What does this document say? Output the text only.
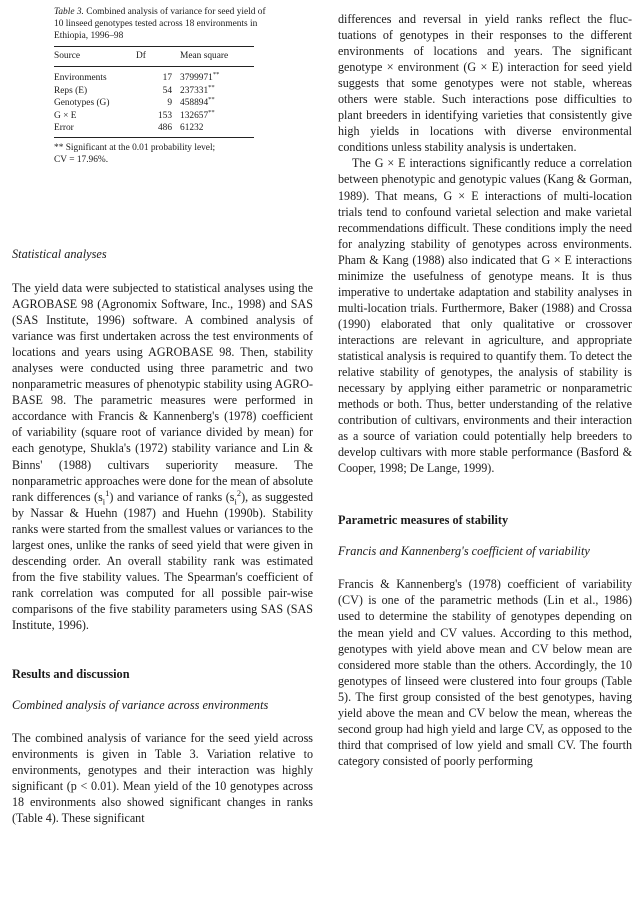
Table 3. Combined analysis of variance for seed yield of 10 linseed genotypes tested across 18 environments in Ethiopia, 1996–98

Source	Df	Mean square
Environments	17	3799971**
Reps (E)	54	237331**
Genotypes (G)	9	458894**
G × E	153	132657**
Error	486	61232

** Significant at the 0.01 probability level;
CV = 17.96%.

Statistical analyses

The yield data were subjected to statistical analyses using the AGROBASE 98 (Agronomix Software, Inc., 1998) and SAS (SAS Institute, 1996) software. A combined analysis of variance was first undertaken across the test environments of locations and years using AGROBASE 98. Then, stability analyses were conducted using three parametric and two nonparametric measures of phenotypic stability using AGROBASE 98. The parametric measures were performed in accordance with Francis & Kannenberg's (1978) coefficient of variability (square root of variance divided by mean) for each genotype, Shukla's (1972) stability variance and Lin & Binns' (1988) cultivars superiority measure. The nonparametric approaches were done for the mean of absolute rank differences $(s_i^1)$ and variance of ranks $(s_i^2)$, as suggested by Nassar & Huehn (1987) and Huehn (1990b). Stability ranks were started from the smallest values or variances to the largest ones, unlike the ranks of seed yield that were given in descending order. An overall stability rank was estimated from the five stability values. The Spearman's coefficient of rank correlation was computed for all possible pair-wise comparisons of the five stability parameters using SAS (SAS Institute, 1996).

Results and discussion

Combined analysis of variance across environments

The combined analysis of variance for the seed yield across environments is given in Table 3. Variation relative to environments, genotypes and their interaction was highly significant (p < 0.01). Mean yield of the 10 genotypes across 18 environments also showed significant changes in ranks (Table 4). These significant

differences and reversal in yield ranks reflect the fluctuations of genotypes in their responses to the different environments of locations and years. The significant genotype × environment (G × E) interaction for seed yield suggests that some genotypes were not stable, whereas others were stable. Such interactions pose difficulties to plant breeders in identifying varieties that consistently give high yields in locations with diverse environmental conditions unless stability analysis is undertaken.

The G × E interactions significantly reduce a correlation between phenotypic and genotypic values (Kang & Gorman, 1989). That means, G × E interactions of multi-location trials tend to confound varietal selection and make varietal recommendations difficult. These conditions imply the need for analyzing stability of genotypes across environments. Pham & Kang (1988) also indicated that G × E interactions minimize the usefulness of genotype means. It is thus imperative to undertake adaptation and stability analyses in multi-location trials. Furthermore, Baker (1988) and Crossa (1990) elaborated that only qualitative or crossover interactions are relevant in agriculture, and appropriate statistical analysis is required to quantify them. To detect the relative stability of genotypes, the analysis of stability is necessary by applying either parametric or nonparametric methods or both. Thus, better understanding of the relative contribution of cultivars, environments and their interaction as a source of variation could potentially help breeders to develop cultivars with more stable performance (Basford & Cooper, 1998; De Lange, 1999).

Parametric measures of stability

Francis and Kannenberg's coefficient of variability

Francis & Kannenberg's (1978) coefficient of variability (CV) is one of the parametric methods (Lin et al., 1986) used to determine the stability of genotypes depending on the mean yield and CV values. According to this method, genotypes with yield above mean and CV below mean are considered more stable than the others. Accordingly, the 10 genotypes of linseed were clustered into four groups (Table 5). The first group consisted of the best genotypes, having yield above the mean and CV below the mean, whereas the second group had high yield and large CV, as opposed to the third that comprised of low yield and small CV. The fourth category consisted of poorly performing
